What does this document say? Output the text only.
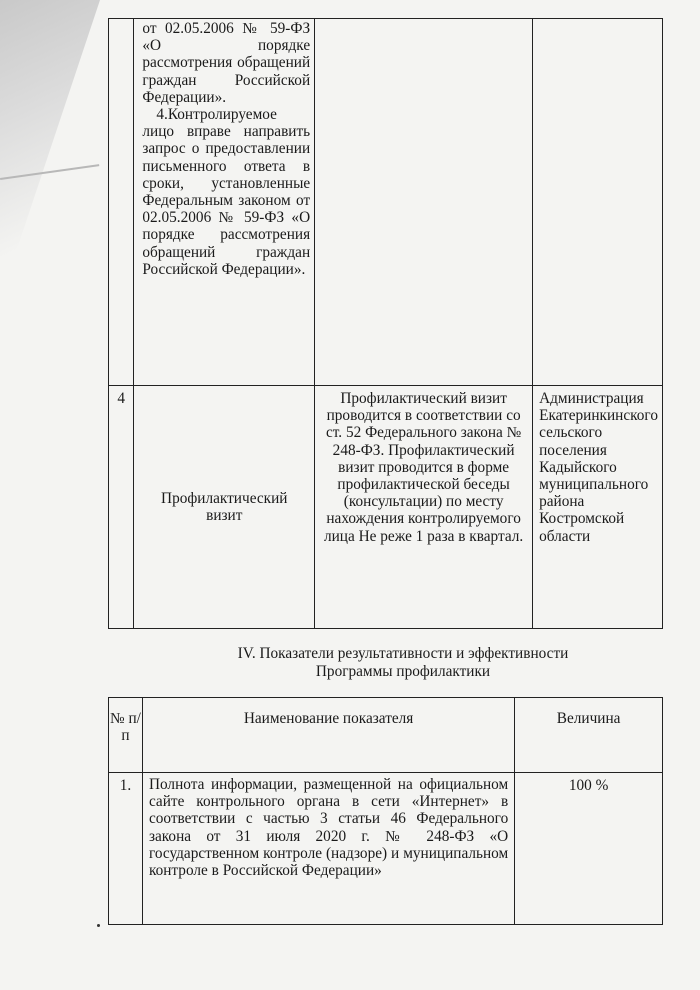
	от 02.05.2006 № 59-ФЗ «О порядке рассмотрения обращений граждан Российской Федерации».

4.Контролируемое лицо вправе направить запрос о предоставлении письменного ответа в сроки, установленные Федеральным законом от 02.05.2006 № 59-ФЗ «О порядке рассмотрения обращений граждан Российской Федерации».		

4	Профилактический визит	Профилактический визит проводится в соответствии со ст. 52 Федерального закона № 248-ФЗ. Профилактический визит проводится в форме профилактической беседы (консультации) по месту нахождения контролируемого лица Не реже 1 раза в квартал.	Администрация Екатеринкинского сельского поселения Кадыйского муниципального района Костромской области
IV. Показатели результативности и эффективности
Программы профилактики
№ п/п	Наименование показателя	Величина
1.	Полнота информации, размещенной на официальном сайте контрольного органа в сети «Интернет» в соответствии с частью 3 статьи 46 Федерального закона от 31 июля 2020 г. № 248-ФЗ «О государственном контроле (надзоре) и муниципальном контроле в Российской Федерации»	100 %
